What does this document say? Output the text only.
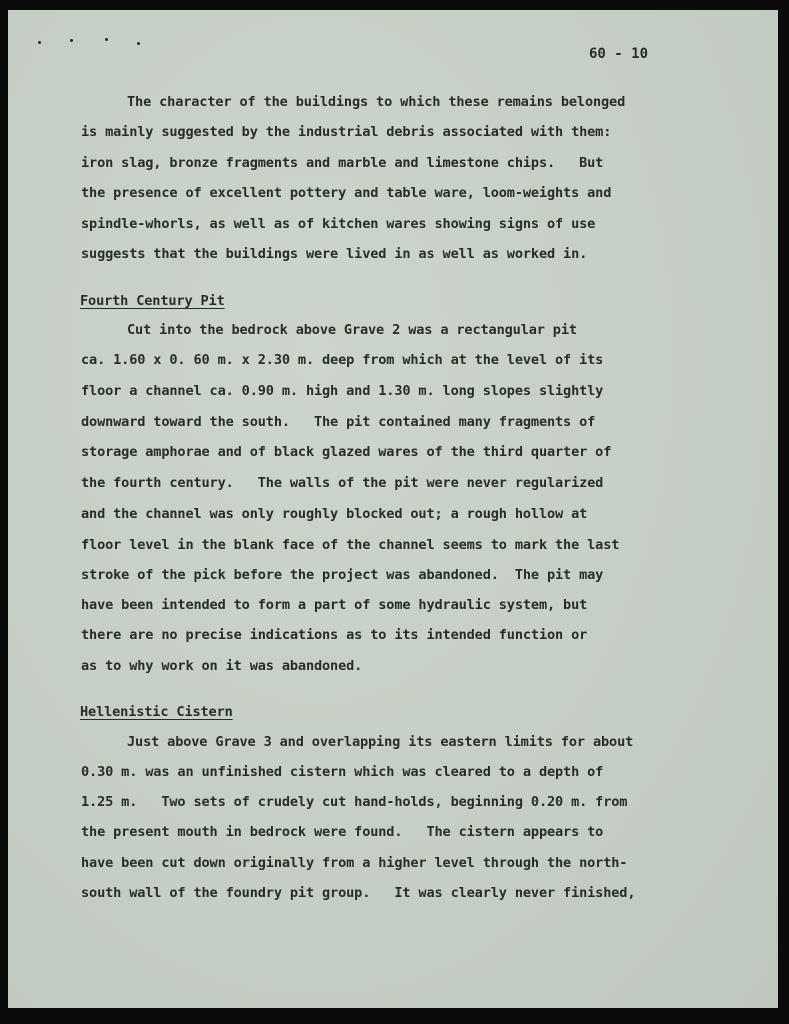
60 - 10
The character of the buildings to which these remains belonged
is mainly suggested by the industrial debris associated with them:
iron slag, bronze fragments and marble and limestone chips.   But
the presence of excellent pottery and table ware, loom-weights and
spindle-whorls, as well as of kitchen wares showing signs of use
suggests that the buildings were lived in as well as worked in.
Fourth Century Pit
Cut into the bedrock above Grave 2 was a rectangular pit
ca. 1.60 x 0. 60 m. x 2.30 m. deep from which at the level of its
floor a channel ca. 0.90 m. high and 1.30 m. long slopes slightly
downward toward the south.   The pit contained many fragments of
storage amphorae and of black glazed wares of the third quarter of
the fourth century.   The walls of the pit were never regularized
and the channel was only roughly blocked out; a rough hollow at
floor level in the blank face of the channel seems to mark the last
stroke of the pick before the project was abandoned.  The pit may
have been intended to form a part of some hydraulic system, but
there are no precise indications as to its intended function or
as to why work on it was abandoned.
Hellenistic Cistern
Just above Grave 3 and overlapping its eastern limits for about
0.30 m. was an unfinished cistern which was cleared to a depth of
1.25 m.   Two sets of crudely cut hand-holds, beginning 0.20 m. from
the present mouth in bedrock were found.   The cistern appears to
have been cut down originally from a higher level through the north-
south wall of the foundry pit group.   It was clearly never finished,
